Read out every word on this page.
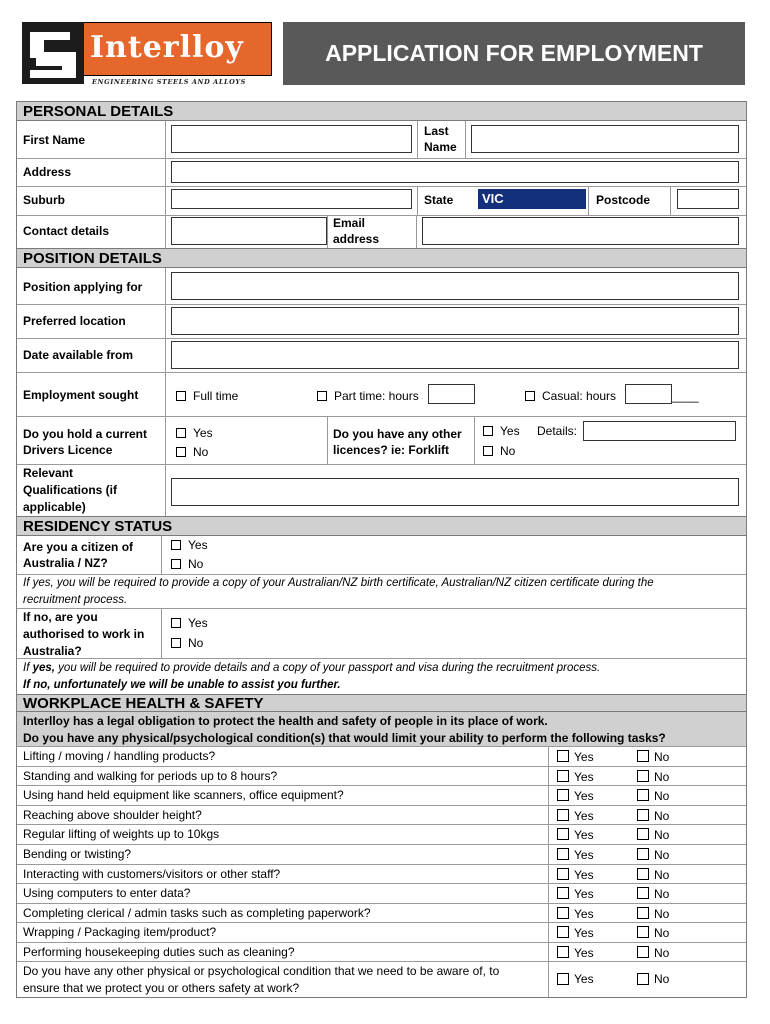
Interlloy
ENGINEERING STEELS AND ALLOYS
APPLICATION FOR EMPLOYMENT
PERSONAL DETAILS
First Name
Last
Name
Address
Suburb	State	VIC	Postcode
Contact details
Email
address
POSITION DETAILS
Position applying for
Preferred location
Date available from
Employment sought	Full time	Part time: hours	Casual: hours	____
Do you hold a current
Drivers Licence
Yes
No
Do you have any other
licences? ie: Forklift
Yes Details:
No
Relevant
Qualifications (if
applicable)
RESIDENCY STATUS
Are you a citizen of
Australia / NZ?
Yes
No
If yes, you will be required to provide a copy of your Australian/NZ birth certificate, Australian/NZ citizen certificate during the
recruitment process.
If no, are you
authorised to work in
Australia?
Yes
No
If yes, you will be required to provide details and a copy of your passport and visa during the recruitment process.
If no, unfortunately we will be unable to assist you further.
WORKPLACE HEALTH & SAFETY
Interlloy has a legal obligation to protect the health and safety of people in its place of work.
Do you have any physical/psychological condition(s) that would limit your ability to perform the following tasks?
Lifting / moving / handling products?	Yes	No
Standing and walking for periods up to 8 hours?	Yes	No
Using hand held equipment like scanners, office equipment?	Yes	No
Reaching above shoulder height?	Yes	No
Regular lifting of weights up to 10kgs	Yes	No
Bending or twisting?	Yes	No
Interacting with customers/visitors or other staff?	Yes	No
Using computers to enter data?	Yes	No
Completing clerical / admin tasks such as completing paperwork?	Yes	No
Wrapping / Packaging item/product?	Yes	No
Performing housekeeping duties such as cleaning?	Yes	No
Do you have any other physical or psychological condition that we need to be aware of, to
ensure that we protect you or others safety at work?
Yes	No
